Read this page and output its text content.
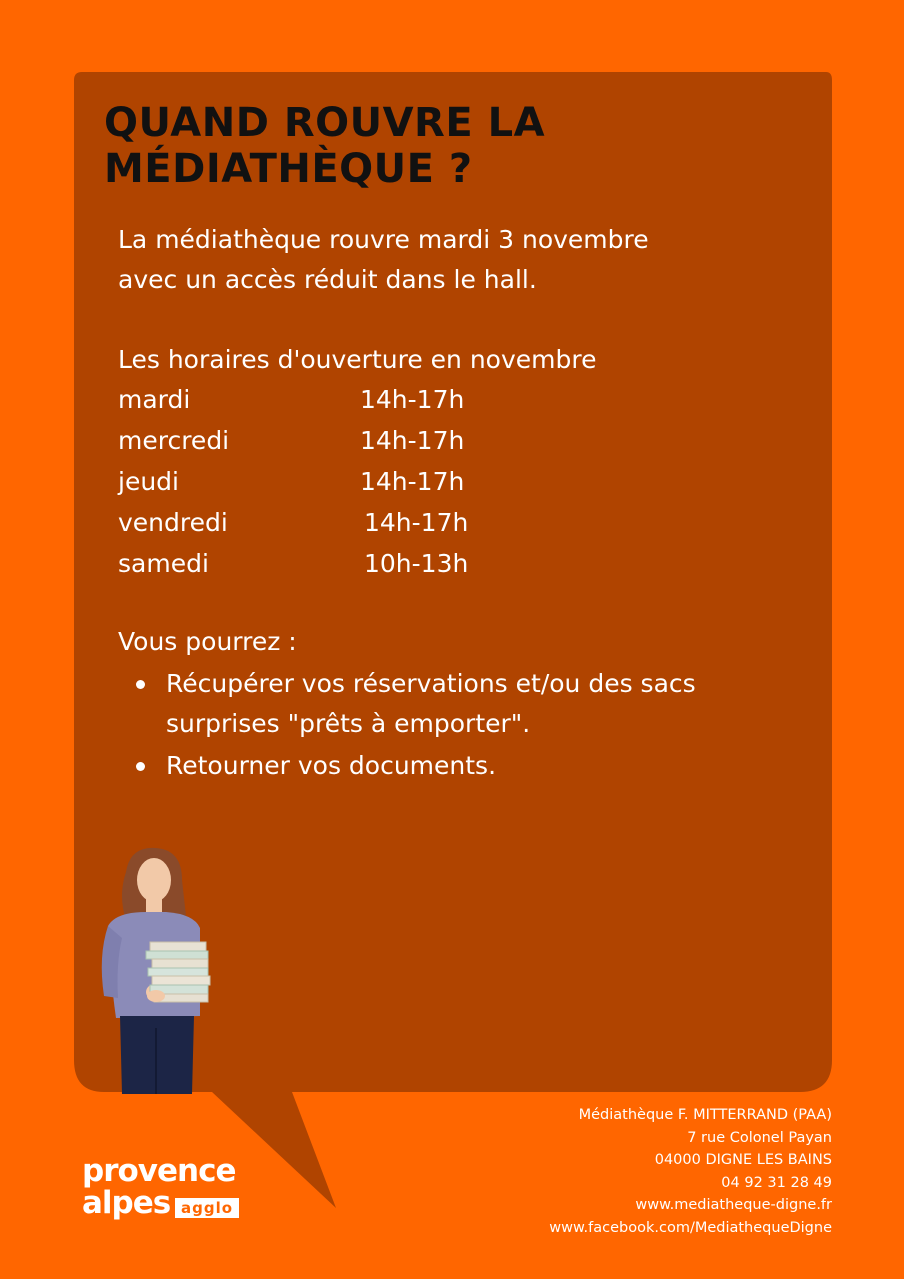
QUAND ROUVRE LA
MÉDIATHÈQUE ?

La médiathèque rouvre mardi 3 novembre
avec un accès réduit dans le hall.

Les horaires d'ouverture en novembre

mardi	14h-17h
mercredi	14h-17h
jeudi	14h-17h
vendredi	14h-17h
samedi	10h-13h

Vous pourrez :

Récupérer vos réservations et/ou des sacs
surprises "prêts à emporter".
Retourner vos documents.
provence
alpes agglo

Médiathèque F. MITTERRAND (PAA)
7 rue Colonel Payan
04000 DIGNE LES BAINS
04 92 31 28 49
www.mediatheque-digne.fr
www.facebook.com/MediathequeDigne
